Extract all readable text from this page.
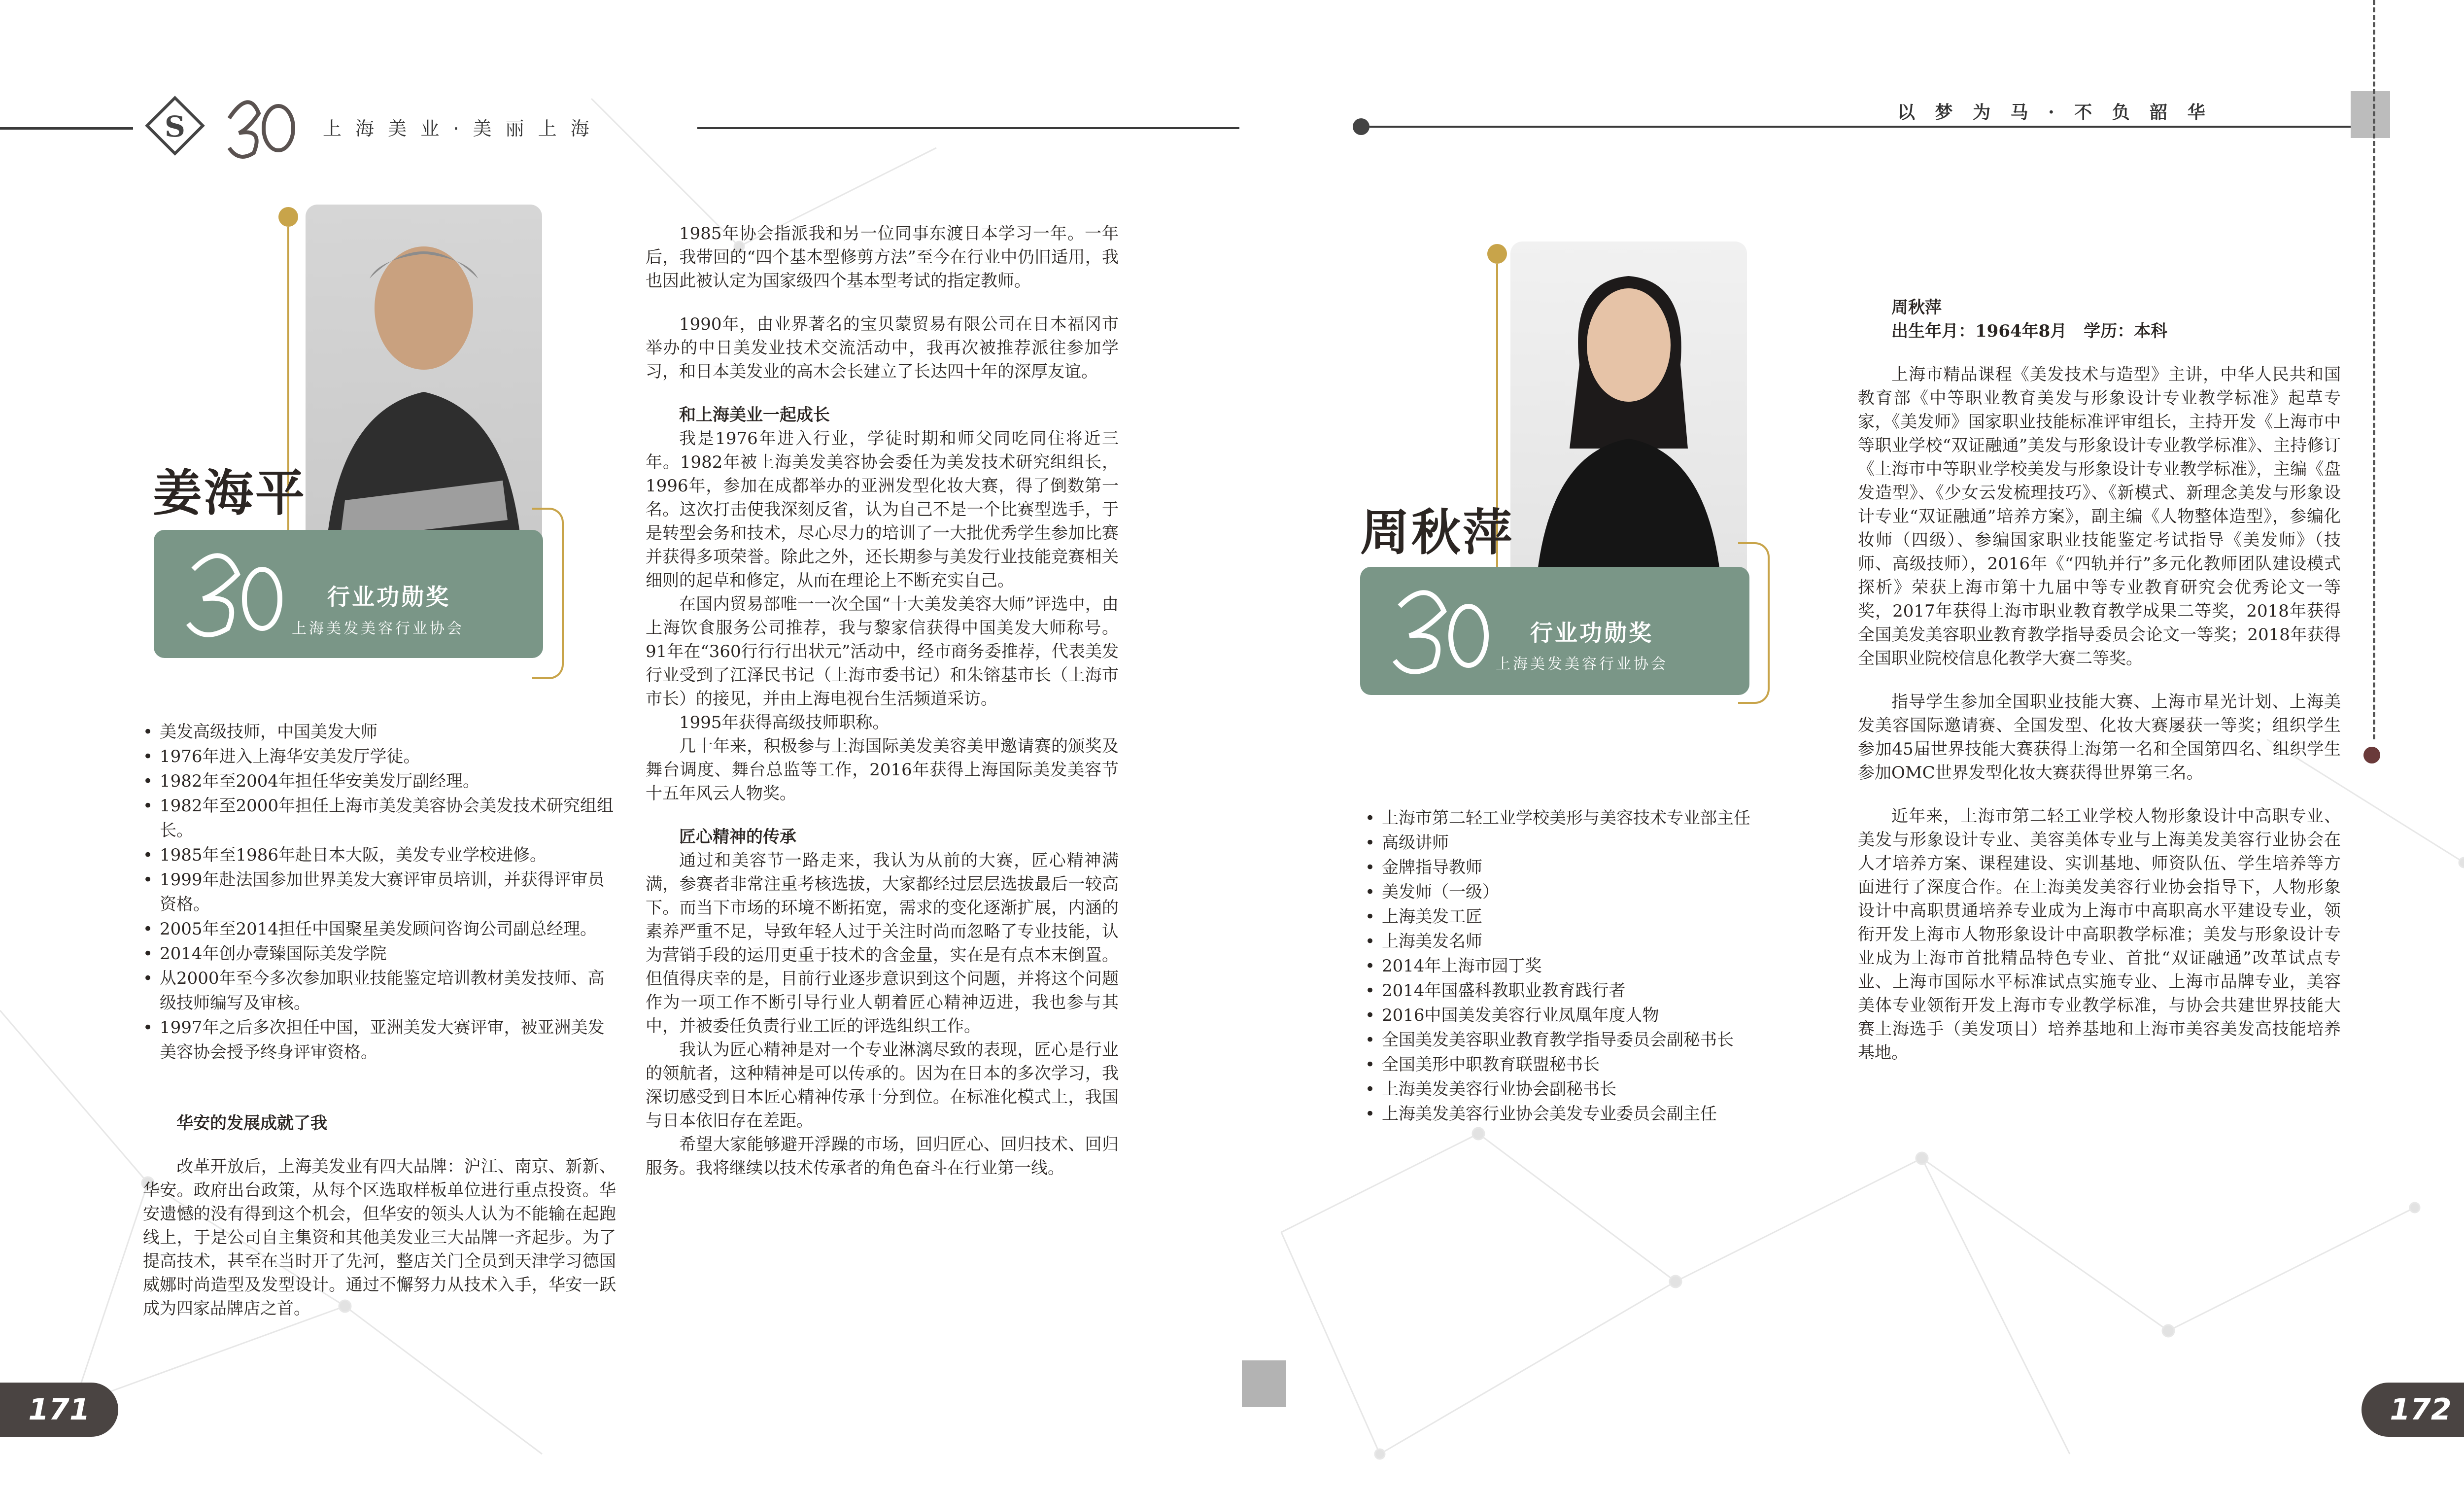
S	上 海 美 业 · 美 丽 上 海
以 梦 为 马 · 不 负 韶 华
行业功勋奖
上海美发美容行业协会
姜海平
• 美发高级技师，中国美发大师
• 1976年进入上海华安美发厅学徒。
• 1982年至2004年担任华安美发厅副经理。
• 1982年至2000年担任上海市美发美容协会美发技术研究组组长。
• 1985年至1986年赴日本大阪，美发专业学校进修。
• 1999年赴法国参加世界美发大赛评审员培训，并获得评审员资格。
• 2005年至2014担任中国聚星美发顾问咨询公司副总经理。
• 2014年创办壹臻国际美发学院
• 从2000年至今多次参加职业技能鉴定培训教材美发技师、高级技师编写及审核。
• 1997年之后多次担任中国，亚洲美发大赛评审，被亚洲美发美容协会授予终身评审资格。

华安的发展成就了我

改革开放后，上海美发业有四大品牌：沪江、南京、新新、华安。政府出台政策，从每个区选取样板单位进行重点投资。华安遗憾的没有得到这个机会，但华安的领头人认为不能输在起跑线上，于是公司自主集资和其他美发业三大品牌一齐起步。为了提高技术，甚至在当时开了先河，整店关门全员到天津学习德国威娜时尚造型及发型设计。通过不懈努力从技术入手，华安一跃成为四家品牌店之首。

1985年协会指派我和另一位同事东渡日本学习一年。一年后，我带回的“四个基本型修剪方法”至今在行业中仍旧适用，我也因此被认定为国家级四个基本型考试的指定教师。

1990年，由业界著名的宝贝蒙贸易有限公司在日本福冈市举办的中日美发业技术交流活动中，我再次被推荐派往参加学习，和日本美发业的高木会长建立了长达四十年的深厚友谊。

和上海美业一起成长

我是1976年进入行业，学徒时期和师父同吃同住将近三年。1982年被上海美发美容协会委任为美发技术研究组组长，1996年，参加在成都举办的亚洲发型化妆大赛，得了倒数第一名。这次打击使我深刻反省，认为自己不是一个比赛型选手，于是转型会务和技术，尽心尽力的培训了一大批优秀学生参加比赛并获得多项荣誉。除此之外，还长期参与美发行业技能竞赛相关细则的起草和修定，从而在理论上不断充实自己。

在国内贸易部唯一一次全国“十大美发美容大师”评选中，由上海饮食服务公司推荐，我与黎家信获得中国美发大师称号。91年在“360行行行出状元”活动中，经市商务委推荐，代表美发行业受到了江泽民书记（上海市委书记）和朱镕基市长（上海市市长）的接见，并由上海电视台生活频道采访。

1995年获得高级技师职称。

几十年来，积极参与上海国际美发美容美甲邀请赛的颁奖及舞台调度、舞台总监等工作，2016年获得上海国际美发美容节十五年风云人物奖。

匠心精神的传承

通过和美容节一路走来，我认为从前的大赛，匠心精神满满，参赛者非常注重考核选拔，大家都经过层层选拔最后一较高下。而当下市场的环境不断拓宽，需求的变化逐渐扩展，内涵的素养严重不足，导致年轻人过于关注时尚而忽略了专业技能，认为营销手段的运用更重于技术的含金量，实在是有点本末倒置。但值得庆幸的是，目前行业逐步意识到这个问题，并将这个问题作为一项工作不断引导行业人朝着匠心精神迈进，我也参与其中，并被委任负责行业工匠的评选组织工作。

我认为匠心精神是对一个专业淋漓尽致的表现，匠心是行业的领航者，这种精神是可以传承的。因为在日本的多次学习，我深切感受到日本匠心精神传承十分到位。在标准化模式上，我国与日本依旧存在差距。

希望大家能够避开浮躁的市场，回归匠心、回归技术、回归服务。我将继续以技术传承者的角色奋斗在行业第一线。

行业功勋奖
上海美发美容行业协会
周秋萍
• 上海市第二轻工业学校美形与美容技术专业部主任
• 高级讲师
• 金牌指导教师
• 美发师（一级）
• 上海美发工匠
• 上海美发名师
• 2014年上海市园丁奖
• 2014年国盛科教职业教育践行者
• 2016中国美发美容行业凤凰年度人物
• 全国美发美容职业教育教学指导委员会副秘书长
• 全国美形中职教育联盟秘书长
• 上海美发美容行业协会副秘书长
• 上海美发美容行业协会美发专业委员会副主任

周秋萍

出生年月：1964年8月　学历：本科

上海市精品课程《美发技术与造型》主讲，中华人民共和国教育部《中等职业教育美发与形象设计专业教学标准》起草专家，《美发师》国家职业技能标准评审组长，主持开发《上海市中等职业学校“双证融通”美发与形象设计专业教学标准》、主持修订《上海市中等职业学校美发与形象设计专业教学标准》，主编《盘发造型》、《少女云发梳理技巧》、《新模式、新理念美发与形象设计专业“双证融通”培养方案》，副主编《人物整体造型》，参编化妆师（四级）、参编国家职业技能鉴定考试指导《美发师》（技师、高级技师），2016年《“四轨并行”多元化教师团队建设模式探析》荣获上海市第十九届中等专业教育研究会优秀论文一等奖，2017年获得上海市职业教育教学成果二等奖，2018年获得全国美发美容职业教育教学指导委员会论文一等奖；2018年获得全国职业院校信息化教学大赛二等奖。

指导学生参加全国职业技能大赛、上海市星光计划、上海美发美容国际邀请赛、全国发型、化妆大赛屡获一等奖；组织学生参加45届世界技能大赛获得上海第一名和全国第四名、组织学生参加OMC世界发型化妆大赛获得世界第三名。

近年来，上海市第二轻工业学校人物形象设计中高职专业、美发与形象设计专业、美容美体专业与上海美发美容行业协会在人才培养方案、课程建设、实训基地、师资队伍、学生培养等方面进行了深度合作。在上海美发美容行业协会指导下，人物形象设计中高职贯通培养专业成为上海市中高职高水平建设专业，领衔开发上海市人物形象设计中高职教学标准；美发与形象设计专业成为上海市首批精品特色专业、首批“双证融通”改革试点专业、上海市国际水平标准试点实施专业、上海市品牌专业，美容美体专业领衔开发上海市专业教学标准，与协会共建世界技能大赛上海选手（美发项目）培养基地和上海市美容美发高技能培养基地。

171	172
